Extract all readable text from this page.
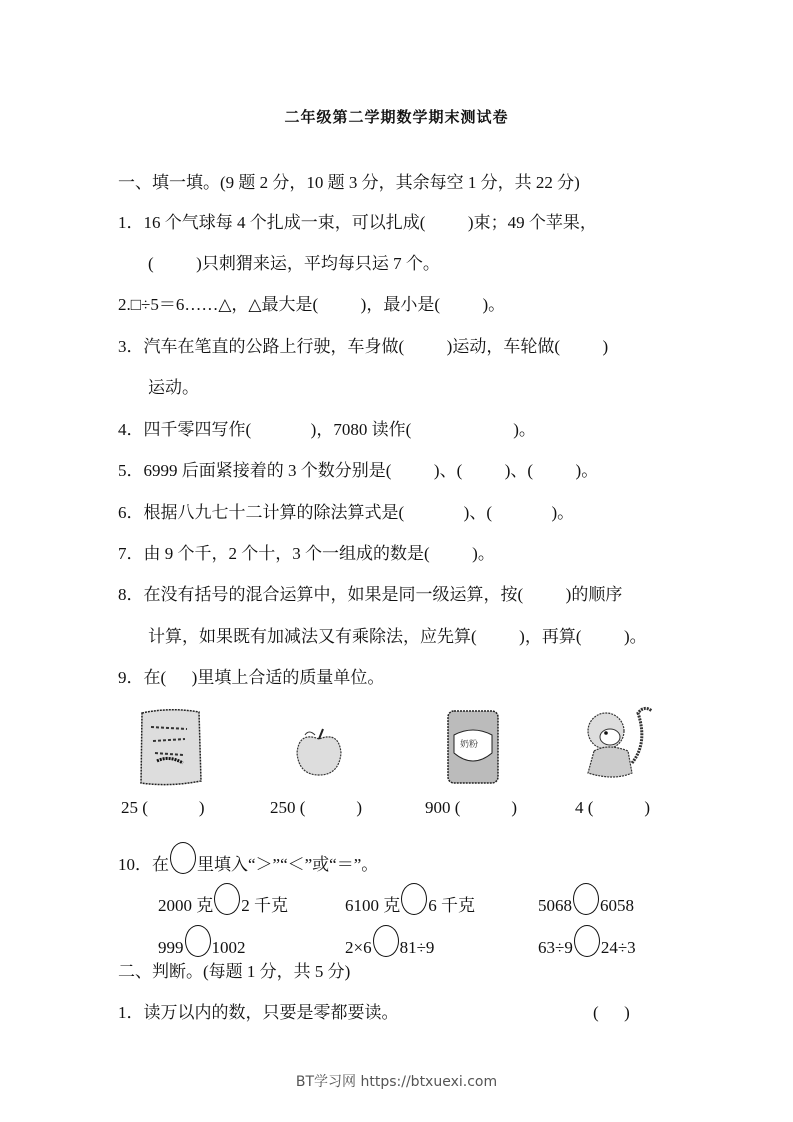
二年级第二学期数学期末测试卷
一、填一填。(9 题 2 分，10 题 3 分，其余每空 1 分，共 22 分)
1．16 个气球每 4 个扎成一束，可以扎成(          )束；49 个苹果，
(          )只刺猬来运，平均每只运 7 个。
2.□÷5＝6……△，△最大是(          )，最小是(          )。
3．汽车在笔直的公路上行驶，车身做(          )运动，车轮做(          )
运动。
4．四千零四写作(              )，7080 读作(                        )。
5．6999 后面紧接着的 3 个数分别是(          )、(          )、(          )。
6．根据八九七十二计算的除法算式是(              )、(              )。
7．由 9 个千，2 个十，3 个一组成的数是(          )。
8．在没有括号的混合运算中，如果是同一级运算，按(          )的顺序
计算，如果既有加减法又有乘除法，应先算(          )，再算(          )。
9．在(      )里填上合适的质量单位。
奶粉
25 (            )	250 (            )	900 (            )	4 (            )
10．在 里填入“＞”“＜”或“＝”。
2000 克 2 千克	6100 克 6 千克	5068 6058
999 1002	2×6 81÷9	63÷9 24÷3
二、判断。(每题 1 分，共 5 分)
1．读万以内的数，只要是零都要读。	(      )
BT学习网 https://btxuexi.com
